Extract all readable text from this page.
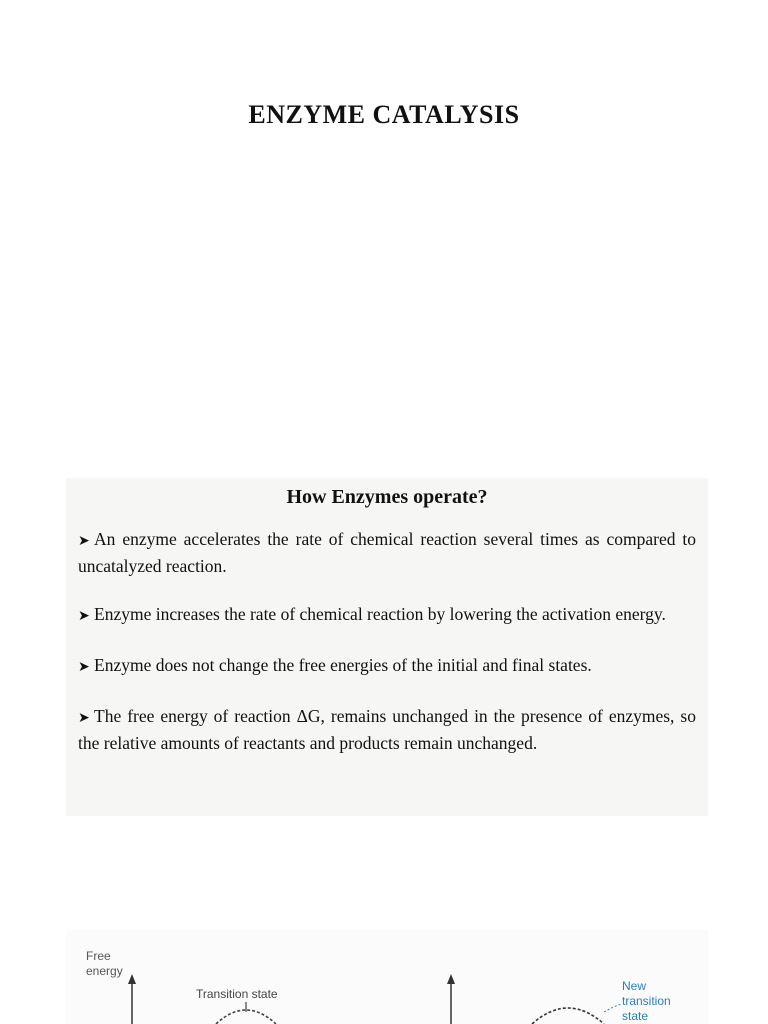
ENZYME CATALYSIS
How Enzymes operate?
➤ An enzyme accelerates the rate of chemical reaction several times as compared to uncatalyzed reaction.
➤ Enzyme increases the rate of chemical reaction by lowering the activation energy.
➤ Enzyme does not change the free energies of the initial and final states.
➤ The free energy of reaction ΔG, remains unchanged in the presence of enzymes, so the relative amounts of reactants and products remain unchanged.
Free
energy
Transition state
New
transition
state
